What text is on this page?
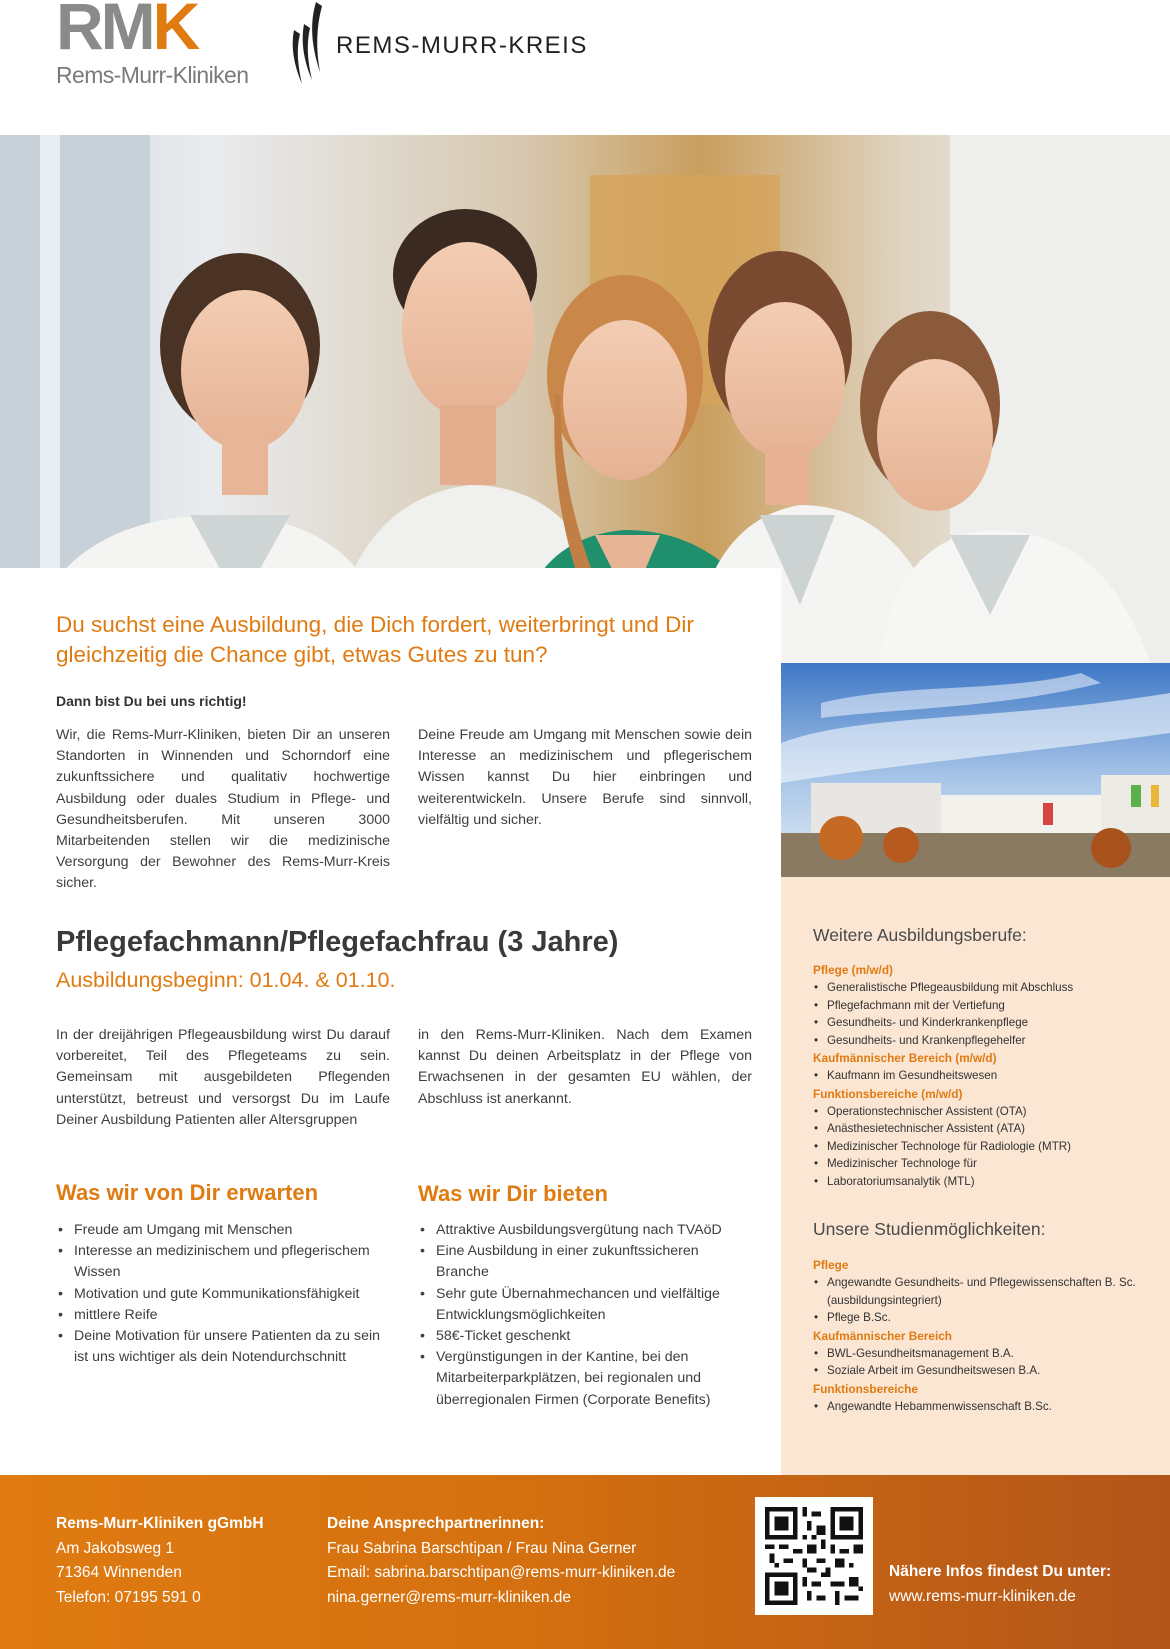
RMK
Rems-Murr-Kliniken
REMS-MURR-KREIS
Du suchst eine Ausbildung, die Dich fordert, weiterbringt und Dir gleichzeitig die Chance gibt, etwas Gutes zu tun?
Dann bist Du bei uns richtig!

Wir, die Rems-Murr-Kliniken, bieten Dir an unseren Standorten in Winnenden und Schorndorf eine zukunftssichere und qualitativ hochwertige Ausbildung oder duales Studium in Pflege- und Gesundheitsberufen. Mit unseren 3000 Mitarbeitenden stellen wir die medizinische Versorgung der Bewohner des Rems-Murr-Kreis sicher.

Deine Freude am Umgang mit Menschen sowie dein Interesse an medizinischem und pflegerischem Wissen kannst Du hier einbringen und weiterentwickeln. Unsere Berufe sind sinnvoll, vielfältig und sicher.

Pflegefachmann/Pflegefachfrau (3 Jahre)
Ausbildungsbeginn: 01.04. & 01.10.

In der dreijährigen Pflegeausbildung wirst Du darauf vorbereitet, Teil des Pflegeteams zu sein. Gemeinsam mit ausgebildeten Pflegenden unterstützt, betreust und versorgst Du im Laufe Deiner Ausbildung Patienten aller Altersgruppen

in den Rems-Murr-Kliniken. Nach dem Examen kannst Du deinen Arbeitsplatz in der Pflege von Erwachsenen in der gesamten EU wählen, der Abschluss ist anerkannt.

Was wir von Dir erwarten
• Freude am Umgang mit Menschen
• Interesse an medizinischem und pflegerischem Wissen
• Motivation und gute Kommunikationsfähigkeit
• mittlere Reife
• Deine Motivation für unsere Patienten da zu sein ist uns wichtiger als dein Notendurchschnitt
Was wir Dir bieten
• Attraktive Ausbildungsvergütung nach TVAöD
• Eine Ausbildung in einer zukunftssicheren Branche
• Sehr gute Übernahmechancen und vielfältige Entwicklungsmöglichkeiten
• 58€-Ticket geschenkt
• Vergünstigungen in der Kantine, bei den Mitarbeiterparkplätzen, bei regionalen und überregionalen Firmen (Corporate Benefits)
Weitere Ausbildungsberufe:
Pflege (m/w/d)
• Generalistische Pflegeausbildung mit Abschluss
• Pflegefachmann mit der Vertiefung
• Gesundheits- und Kinderkrankenpflege
• Gesundheits- und Krankenpflegehelfer
Kaufmännischer Bereich (m/w/d)
• Kaufmann im Gesundheitswesen
Funktionsbereiche (m/w/d)
• Operationstechnischer Assistent (OTA)
• Anästhesietechnischer Assistent (ATA)
• Medizinischer Technologe für Radiologie (MTR)
• Medizinischer Technologe für
• Laboratoriumsanalytik (MTL)
Unsere Studienmöglichkeiten:
Pflege
• Angewandte Gesundheits- und Pflegewissenschaften B. Sc. (ausbildungsintegriert)
• Pflege B.Sc.
Kaufmännischer Bereich
• BWL-Gesundheitsmanagement B.A.
• Soziale Arbeit im Gesundheitswesen B.A.
Funktionsbereiche
• Angewandte Hebammenwissenschaft B.Sc.
Rems-Murr-Kliniken gGmbH
Am Jakobsweg 1
71364 Winnenden
Telefon: 07195 591 0
Deine Ansprechpartnerinnen:
Frau Sabrina Barschtipan / Frau Nina Gerner
Email: sabrina.barschtipan@rems-murr-kliniken.de
nina.gerner@rems-murr-kliniken.de
Nähere Infos findest Du unter:
www.rems-murr-kliniken.de
